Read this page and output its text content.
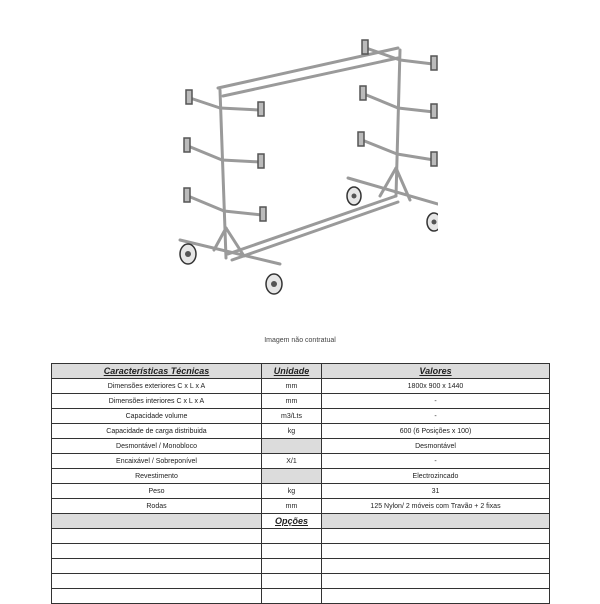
Imagem não contratual
Características Técnicas	Unidade	Valores
Dimensões exteriores C x L x A	mm	1800x 900 x 1440
Dimensões interiores C x L x A	mm	-
Capacidade volume	m3/Lts	-
Capacidade de carga distribuida	kg	600 (6 Posições x 100)
Desmontável / Monobloco		Desmontável
Encaixável / Sobreponível	X/1	-
Revestimento		Electrozincado
Peso	kg	31
Rodas	mm	125 Nylon/ 2 móveis com Travão + 2 fixas
	Opções	
